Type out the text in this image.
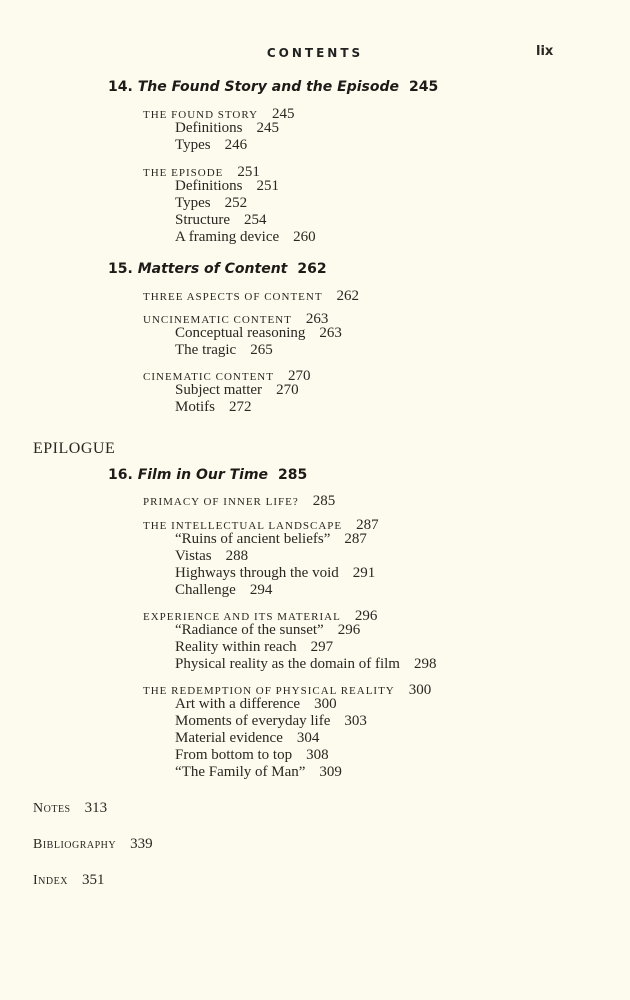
CONTENTS	lix
14. The Found Story and the Episode 245
THE FOUND STORY 245
Definitions 245
Types 246
THE EPISODE 251
Definitions 251
Types 252
Structure 254
A framing device 260
15. Matters of Content 262
THREE ASPECTS OF CONTENT 262
UNCINEMATIC CONTENT 263
Conceptual reasoning 263
The tragic 265
CINEMATIC CONTENT 270
Subject matter 270
Motifs 272
EPILOGUE
16. Film in Our Time 285
PRIMACY OF INNER LIFE? 285
THE INTELLECTUAL LANDSCAPE 287
“Ruins of ancient beliefs” 287
Vistas 288
Highways through the void 291
Challenge 294
EXPERIENCE AND ITS MATERIAL 296
“Radiance of the sunset” 296
Reality within reach 297
Physical reality as the domain of film 298
THE REDEMPTION OF PHYSICAL REALITY 300
Art with a difference 300
Moments of everyday life 303
Material evidence 304
From bottom to top 308
“The Family of Man” 309
Notes 313
Bibliography 339
Index 351
